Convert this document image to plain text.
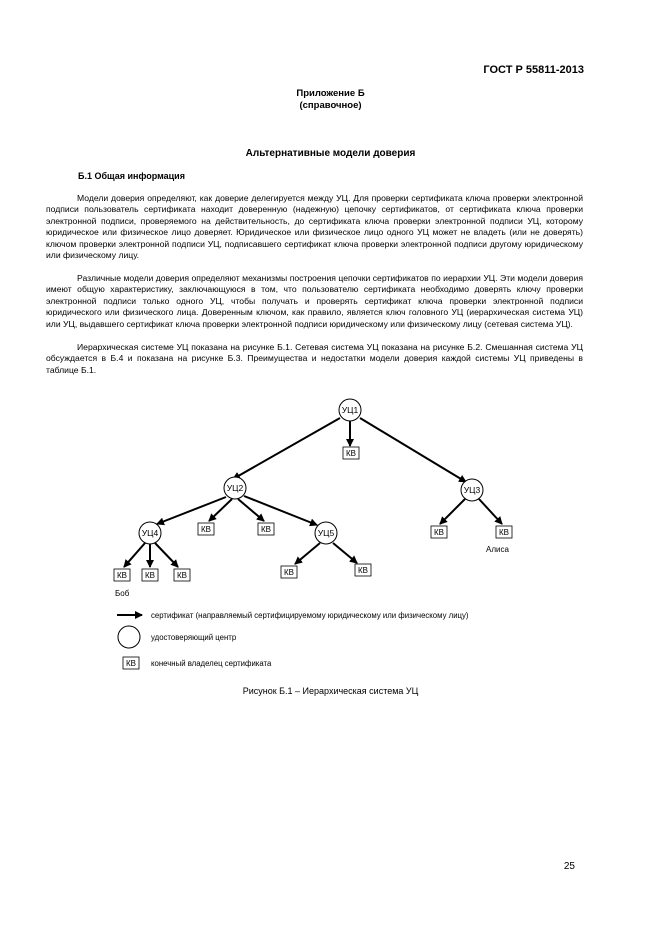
ГОСТ Р 55811-2013
Приложение Б
(справочное)
Альтернативные модели доверия
Б.1 Общая информация

Модели доверия определяют, как доверие делегируется между УЦ. Для проверки сертификата ключа проверки электронной подписи пользователь сертификата находит доверенную (надежную) цепочку сертификатов, от сертификата ключа проверки электронной подписи, проверяемого на действительность, до сертификата ключа проверки электронной подписи УЦ, которому юридическое или физическое лицо доверяет. Юридическое или физическое лицо одного УЦ может не владеть (или не доверять) ключом проверки электронной подписи УЦ, подписавшего сертификат ключа проверки электронной подписи другому юридическому или физическому лицу.

Различные модели доверия определяют механизмы построения цепочки сертификатов по иерархии УЦ. Эти модели доверия имеют общую характеристику, заключающуюся в том, что пользователю сертификата необходимо доверять ключу проверки электронной подписи только одного УЦ, чтобы получать и проверять сертификат ключа проверки электронной подписи юридического или физического лица. Доверенным ключом, как правило, является ключ головного УЦ (иерархическая система УЦ) или УЦ, выдавшего сертификат ключа проверки электронной подписи юридическому или физическому лицу (сетевая система УЦ).

Иерархическая системе УЦ показана на рисунке Б.1. Сетевая система УЦ показана на рисунке Б.2. Смешанная система УЦ обсуждается в Б.4 и показана на рисунке Б.3. Преимущества и недостатки модели доверия каждой системы УЦ приведены в таблице Б.1.

УЦ1
УЦ2	УЦ3
УЦ4	УЦ5
КВ
КВ	КВ	КВ	КВ
КВ КВ	КВ	КВ	КВ
Алиса
Боб
сертификат (направляемый сертифицируемому юридическому или физическому лицу)
удостоверяющий центр
КВ конечный владелец сертификата
Рисунок Б.1 – Иерархическая система УЦ
25
